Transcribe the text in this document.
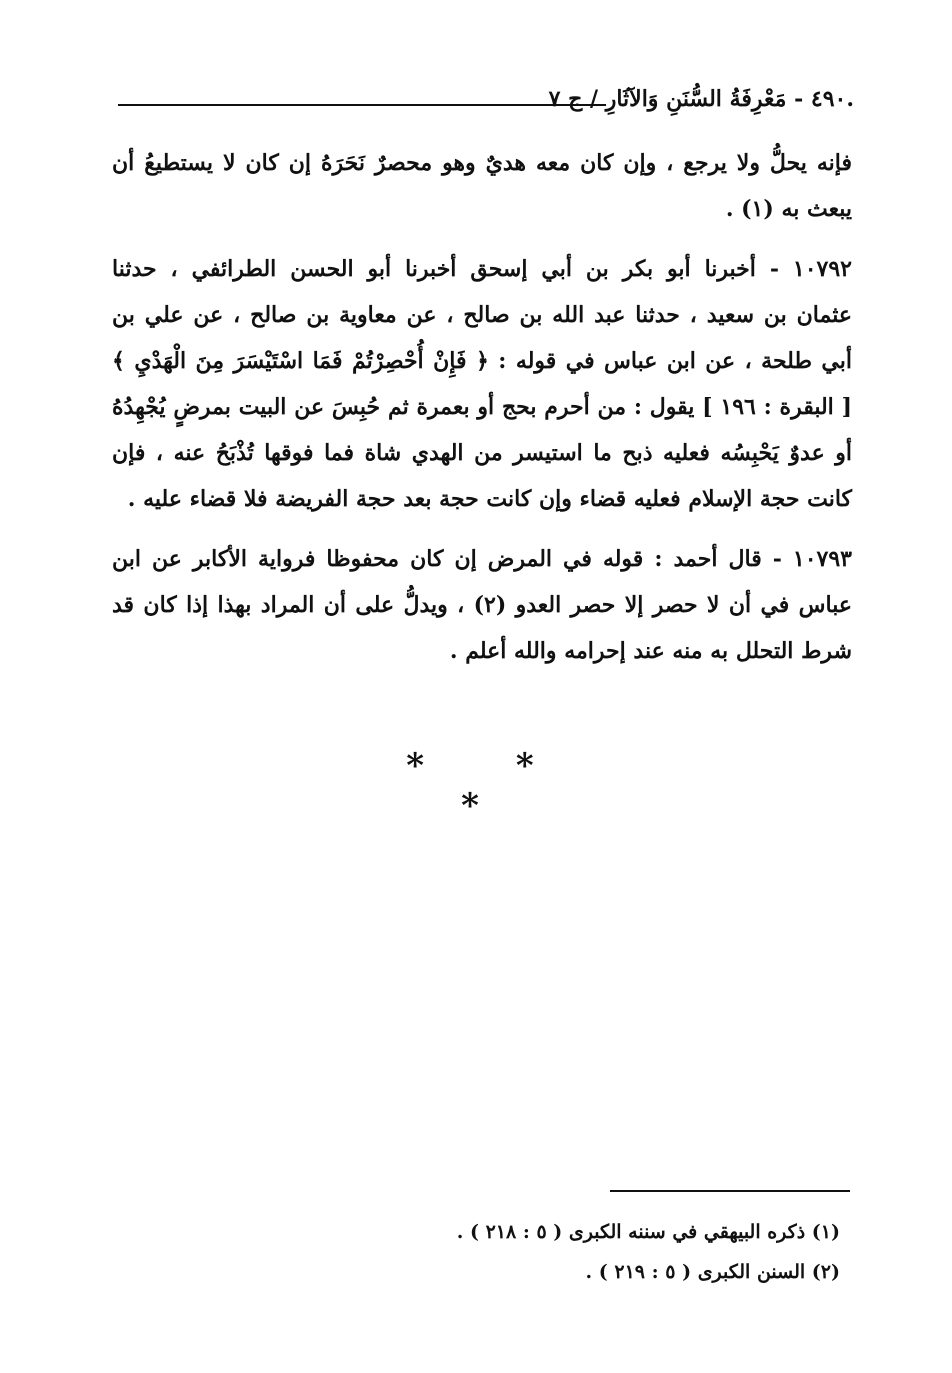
.٤٩٠ - مَعْرِفَةُ السُّنَنِ وَالآثَارِ / ج ٧
فإنه يحلُّ ولا يرجع ، وإن كان معه هديٌ وهو محصرٌ نَحَرَهُ إن كان لا يستطيعُ أن
يبعث به (١) .
١٠٧٩٢ - أخبرنا أبو بكر بن أبي إسحق أخبرنا أبو الحسن الطرائفي ، حدثنا
عثمان بن سعيد ، حدثنا عبد الله بن صالح ، عن معاوية بن صالح ، عن علي بن
أبي طلحة ، عن ابن عباس في قوله : ﴿ فَإِنْ أُحْصِرْتُمْ فَمَا اسْتَيْسَرَ مِنَ الْهَدْيِ ﴾
[ البقرة : ١٩٦ ] يقول : من أحرم بحج أو بعمرة ثم حُبِسَ عن البيت بمرضٍ يُجْهِدُهُ
أو عدوٌ يَحْبِسُه فعليه ذبح ما استيسر من الهدي شاة فما فوقها تُذْبَحُ عنه ، فإن
كانت حجة الإسلام فعليه قضاء وإن كانت حجة بعد حجة الفريضة فلا قضاء عليه .
١٠٧٩٣ - قال أحمد : قوله في المرض إن كان محفوظا فرواية الأكابر عن ابن
عباس في أن لا حصر إلا حصر العدو (٢) ، ويدلُّ على أن المراد بهذا إذا كان قد
شرط التحلل به منه عند إحرامه والله أعلم .
* * *
(١) ذكره البيهقي في سننه الكبرى ( ٥ : ٢١٨ ) .
(٢) السنن الكبرى ( ٥ : ٢١٩ ) .
